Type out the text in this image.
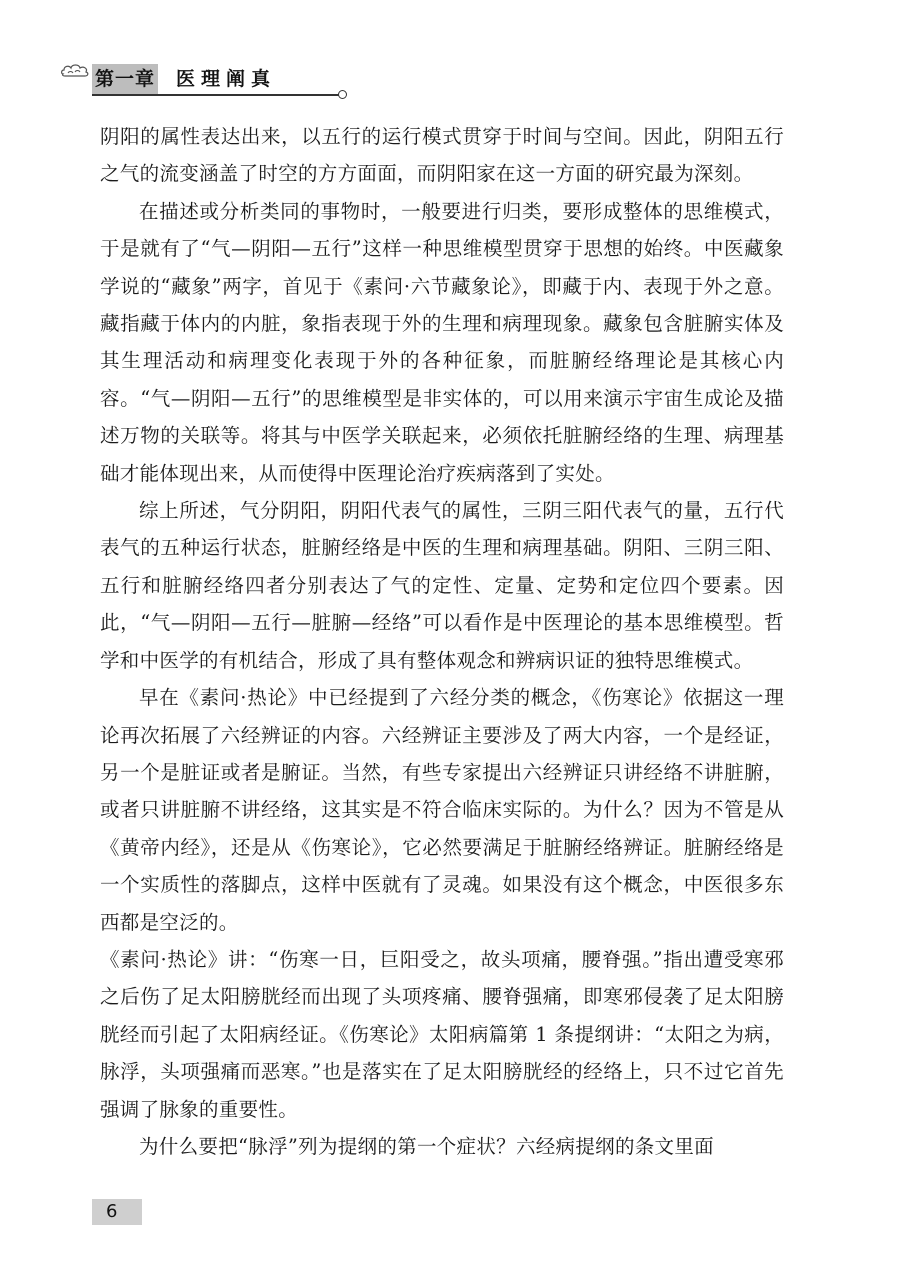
第一章 医理阐真

阴阳的属性表达出来，以五行的运行模式贯穿于时间与空间。因此，阴阳五行之气的流变涵盖了时空的方方面面，而阴阳家在这一方面的研究最为深刻。

在描述或分析类同的事物时，一般要进行归类，要形成整体的思维模式，于是就有了“气—阴阳—五行”这样一种思维模型贯穿于思想的始终。中医藏象学说的“藏象”两字，首见于《素问·六节藏象论》，即藏于内、表现于外之意。藏指藏于体内的内脏，象指表现于外的生理和病理现象。藏象包含脏腑实体及其生理活动和病理变化表现于外的各种征象，而脏腑经络理论是其核心内容。“气—阴阳—五行”的思维模型是非实体的，可以用来演示宇宙生成论及描述万物的关联等。将其与中医学关联起来，必须依托脏腑经络的生理、病理基础才能体现出来，从而使得中医理论治疗疾病落到了实处。

综上所述，气分阴阳，阴阳代表气的属性，三阴三阳代表气的量，五行代表气的五种运行状态，脏腑经络是中医的生理和病理基础。阴阳、三阴三阳、五行和脏腑经络四者分别表达了气的定性、定量、定势和定位四个要素。因此，“气—阴阳—五行—脏腑—经络”可以看作是中医理论的基本思维模型。哲学和中医学的有机结合，形成了具有整体观念和辨病识证的独特思维模式。

早在《素问·热论》中已经提到了六经分类的概念，《伤寒论》依据这一理论再次拓展了六经辨证的内容。六经辨证主要涉及了两大内容，一个是经证，另一个是脏证或者是腑证。当然，有些专家提出六经辨证只讲经络不讲脏腑，或者只讲脏腑不讲经络，这其实是不符合临床实际的。为什么？因为不管是从《黄帝内经》，还是从《伤寒论》，它必然要满足于脏腑经络辨证。脏腑经络是一个实质性的落脚点，这样中医就有了灵魂。如果没有这个概念，中医很多东西都是空泛的。

《素问·热论》讲：“伤寒一日，巨阳受之，故头项痛，腰脊强。”指出遭受寒邪之后伤了足太阳膀胱经而出现了头项疼痛、腰脊强痛，即寒邪侵袭了足太阳膀胱经而引起了太阳病经证。《伤寒论》太阳病篇第 1 条提纲讲：“太阳之为病，脉浮，头项强痛而恶寒。”也是落实在了足太阳膀胱经的经络上，只不过它首先强调了脉象的重要性。

为什么要把“脉浮”列为提纲的第一个症状？六经病提纲的条文里面

6
